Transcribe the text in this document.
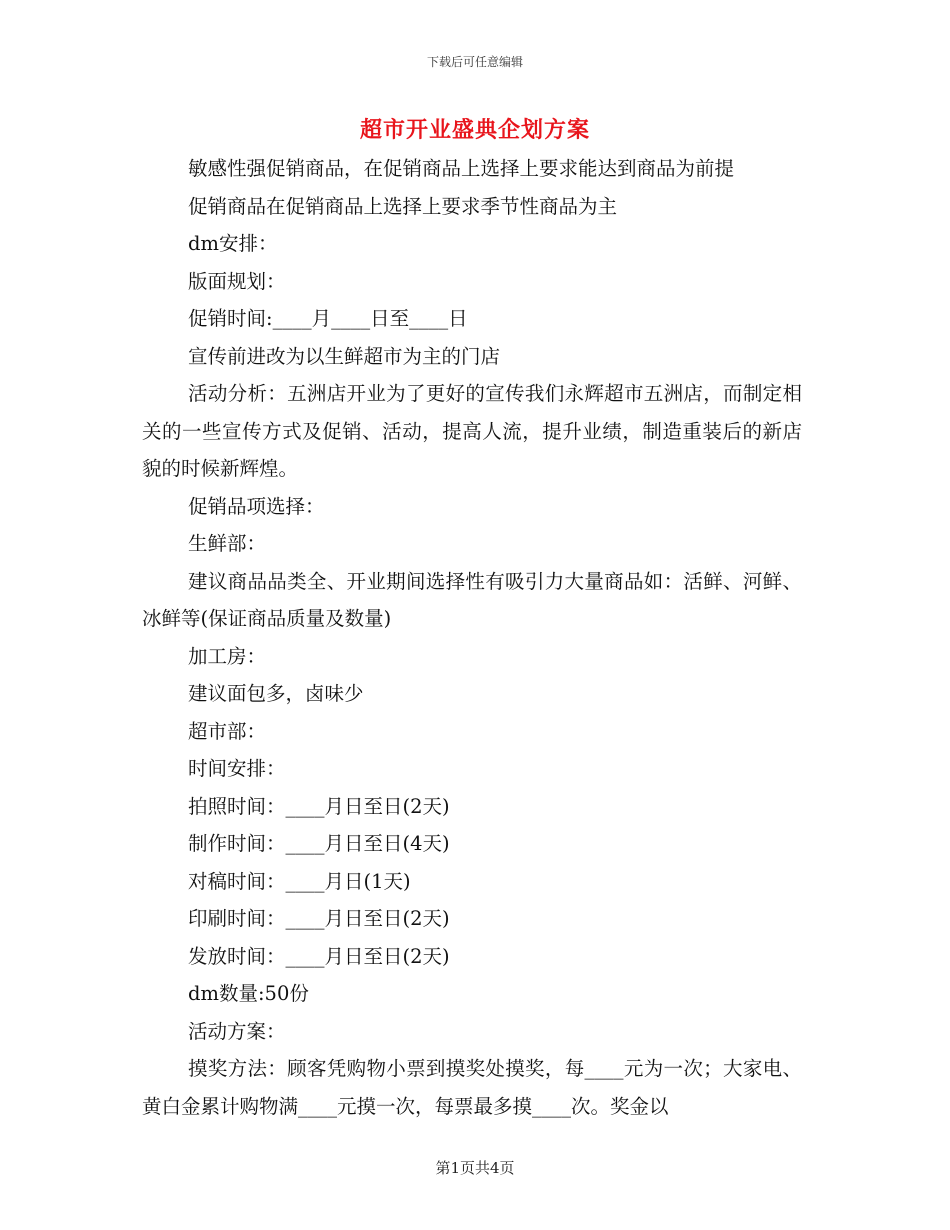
下载后可任意编辑
超市开业盛典企划方案

敏感性强促销商品，在促销商品上选择上要求能达到商品为前提

促销商品在促销商品上选择上要求季节性商品为主

dm安排：

版面规划：

促销时间:____月____日至____日

宣传前进改为以生鲜超市为主的门店

活动分析：五洲店开业为了更好的宣传我们永辉超市五洲店，而制定相关的一些宣传方式及促销、活动，提高人流，提升业绩，制造重装后的新店貌的时候新辉煌。

促销品项选择：

生鲜部：

建议商品品类全、开业期间选择性有吸引力大量商品如：活鲜、河鲜、冰鲜等(保证商品质量及数量)

加工房：

建议面包多，卤味少

超市部：

时间安排：

拍照时间：____月日至日(2天)

制作时间：____月日至日(4天)

对稿时间：____月日(1天)

印刷时间：____月日至日(2天)

发放时间：____月日至日(2天)

dm数量:50份

活动方案：

摸奖方法：顾客凭购物小票到摸奖处摸奖，每____元为一次；大家电、黄白金累计购物满____元摸一次，每票最多摸____次。奖金以

第1页共4页
